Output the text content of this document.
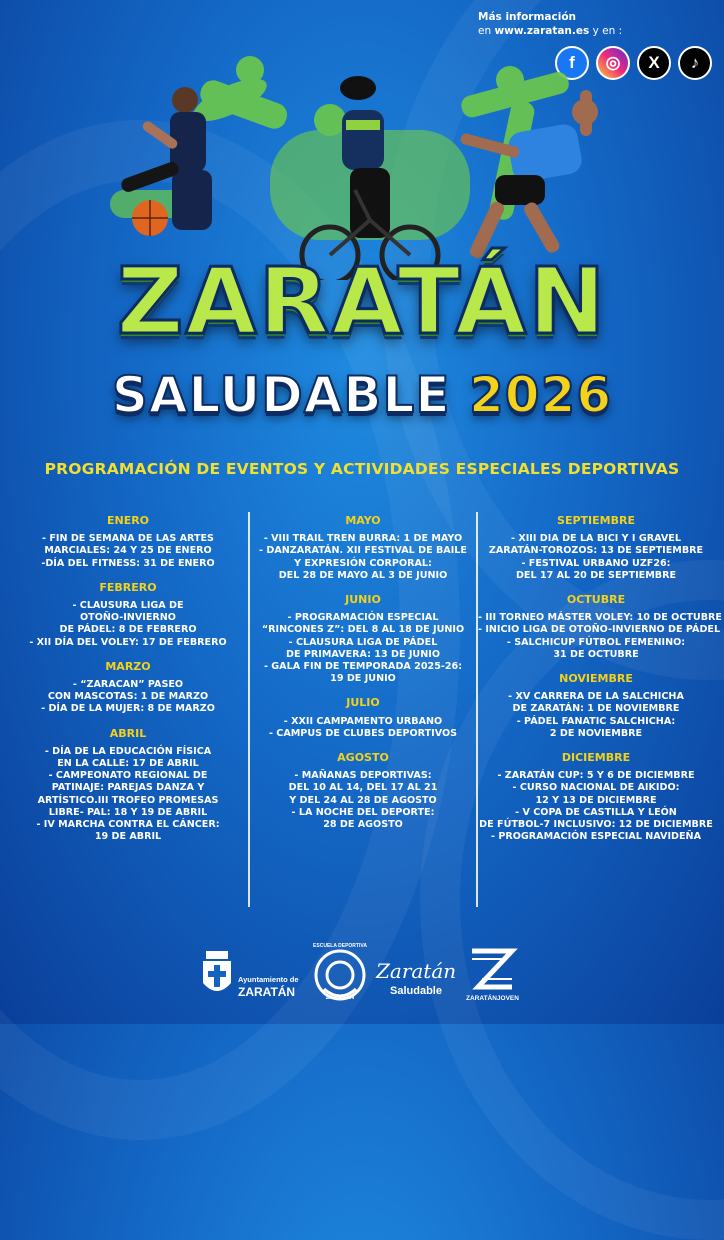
Más información
en www.zaratan.es y en :
f	◎	X	♪
ZARATÁN
SALUDABLE 2026
PROGRAMACIÓN DE EVENTOS Y ACTIVIDADES ESPECIALES DEPORTIVAS
ENERO
- FIN DE SEMANA DE LAS ARTES
MARCIALES: 24 Y 25 DE ENERO
-DÍA DEL FITNESS: 31 DE ENERO
FEBRERO
- CLAUSURA LIGA DE
OTOÑO-INVIERNO
DE PÁDEL: 8 DE FEBRERO
- XII DÍA DEL VOLEY: 17 DE FEBRERO
MARZO
- “ZARACAN” PASEO
CON MASCOTAS: 1 DE MARZO
- DÍA DE LA MUJER: 8 DE MARZO
ABRIL
- DÍA DE LA EDUCACIÓN FÍSICA
EN LA CALLE: 17 DE ABRIL
- CAMPEONATO REGIONAL DE
PATINAJE: PAREJAS DANZA Y
ARTÍSTICO.III TROFEO PROMESAS
LIBRE- PAL: 18 Y 19 DE ABRIL
- IV MARCHA CONTRA EL CÁNCER:
19 DE ABRIL
MAYO
- VIII TRAIL TREN BURRA: 1 DE MAYO
- DANZARATÁN. XII FESTIVAL DE BAILE
Y EXPRESIÓN CORPORAL:
DEL 28 DE MAYO AL 3 DE JUNIO
JUNIO
- PROGRAMACIÓN ESPECIAL
“RINCONES Z”: DEL 8 AL 18 DE JUNIO
- CLAUSURA LIGA DE PÁDEL
DE PRIMAVERA: 13 DE JUNIO
- GALA FIN DE TEMPORADA 2025-26:
19 DE JUNIO
JULIO
- XXII CAMPAMENTO URBANO
- CAMPUS DE CLUBES DEPORTIVOS
AGOSTO
- MAÑANAS DEPORTIVAS:
DEL 10 AL 14, DEL 17 AL 21
Y DEL 24 AL 28 DE AGOSTO
- LA NOCHE DEL DEPORTE:
28 DE AGOSTO
SEPTIEMBRE
- XIII DIA DE LA BICI Y I GRAVEL
ZARATÁN-TOROZOS: 13 DE SEPTIEMBRE
- FESTIVAL URBANO UZF26:
DEL 17 AL 20 DE SEPTIEMBRE
OCTUBRE
- III TORNEO MÁSTER VOLEY: 10 DE OCTUBRE
- INICIO LIGA DE OTOÑO-INVIERNO DE PÁDEL
- SALCHICUP FÚTBOL FEMENINO:
31 DE OCTUBRE
NOVIEMBRE
- XV CARRERA DE LA SALCHICHA
DE ZARATÁN: 1 DE NOVIEMBRE
- PÁDEL FANATIC SALCHICHA:
2 DE NOVIEMBRE
DICIEMBRE
- ZARATÁN CUP: 5 Y 6 DE DICIEMBRE
- CURSO NACIONAL DE AIKIDO:
12 Y 13 DE DICIEMBRE
- V COPA DE CASTILLA Y LEÓN
DE FÚTBOL-7 INCLUSIVO: 12 DE DICIEMBRE
- PROGRAMACIÓN ESPECIAL NAVIDEÑA
Ayuntamiento de
ZARATÁN
ESCUELA DEPORTIVA
ZARATÁN
Zaratán
Saludable
ZARATÁNJOVEN
